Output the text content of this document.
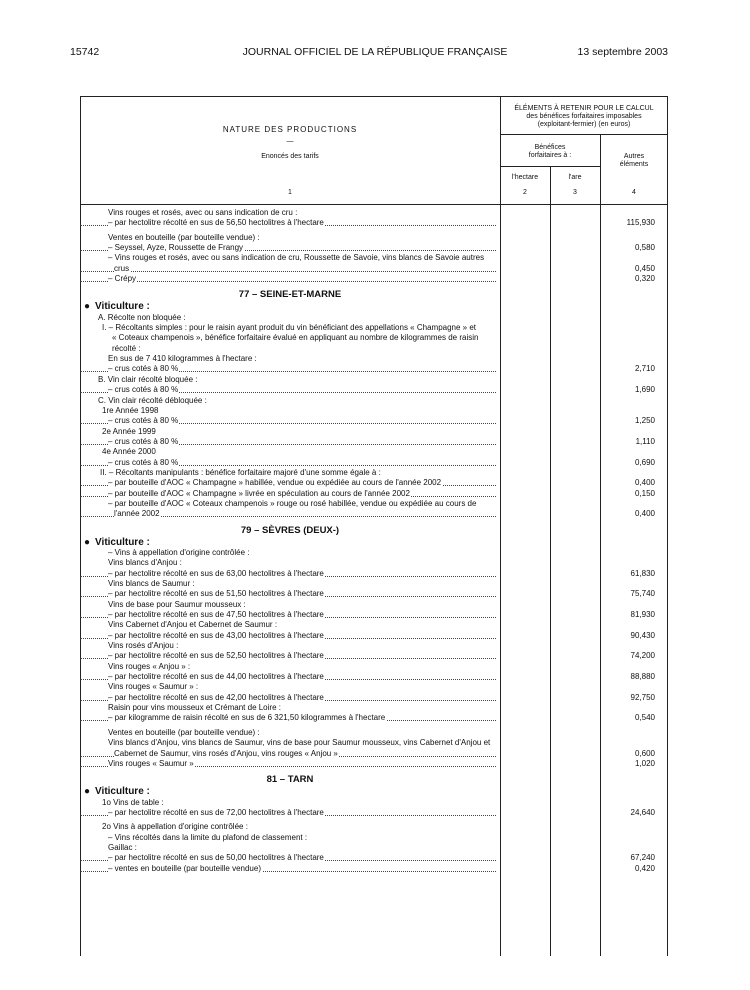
15742	JOURNAL OFFICIEL DE LA RÉPUBLIQUE FRANÇAISE	13 septembre 2003
NATURE DES PRODUCTIONS
—
Enoncés des tarifs
1
ÉLÉMENTS À RETENIR POUR LE CALCUL
des bénéfices forfaitaires imposables
(exploitant-fermier) (en euros)
Bénéfices
forfaitaires à :	Autres
éléments
l'hectare	l'are
2	3	4
Vins rouges et rosés, avec ou sans indication de cru :
– par hectolitre récolté en sus de 56,50 hectolitres à l'hectare	115,930
Ventes en bouteille (par bouteille vendue) :
– Seyssel, Ayze, Roussette de Frangy	0,580
– Vins rouges et rosés, avec ou sans indication de cru, Roussette de Savoie, vins blancs de Savoie autres
crus	0,450
– Crépy	0,320
77 – SEINE-ET-MARNE
● Viticulture :
A. Récolte non bloquée :
I. – Récoltants simples : pour le raisin ayant produit du vin bénéficiant des appellations « Champagne » et
« Coteaux champenois », bénéfice forfaitaire évalué en appliquant au nombre de kilogrammes de raisin
récolté :
En sus de 7 410 kilogrammes à l'hectare :
– crus cotés à 80 %	2,710
B. Vin clair récolté bloquée :
– crus cotés à 80 %	1,690
C. Vin clair récolté débloquée :
1re Année 1998
– crus cotés à 80 %	1,250
2e Année 1999
– crus cotés à 80 %	1,110
4e Année 2000
– crus cotés à 80 %	0,690
II. – Récoltants manipulants : bénéfice forfaitaire majoré d'une somme égale à :
– par bouteille d'AOC « Champagne » habillée, vendue ou expédiée au cours de l'année 2002	0,400
– par bouteille d'AOC « Champagne » livrée en spéculation au cours de l'année 2002	0,150
– par bouteille d'AOC « Coteaux champenois » rouge ou rosé habillée, vendue ou expédiée au cours de
l'année 2002	0,400
79 – SÈVRES (DEUX-)
● Viticulture :
– Vins à appellation d'origine contrôlée :
Vins blancs d'Anjou :
– par hectolitre récolté en sus de 63,00 hectolitres à l'hectare	61,830
Vins blancs de Saumur :
– par hectolitre récolté en sus de 51,50 hectolitres à l'hectare	75,740
Vins de base pour Saumur mousseux :
– par hectolitre récolté en sus de 47,50 hectolitres à l'hectare	81,930
Vins Cabernet d'Anjou et Cabernet de Saumur :
– par hectolitre récolté en sus de 43,00 hectolitres à l'hectare	90,430
Vins rosés d'Anjou :
– par hectolitre récolté en sus de 52,50 hectolitres à l'hectare	74,200
Vins rouges « Anjou » :
– par hectolitre récolté en sus de 44,00 hectolitres à l'hectare	88,880
Vins rouges « Saumur » :
– par hectolitre récolté en sus de 42,00 hectolitres à l'hectare	92,750
Raisin pour vins mousseux et Crémant de Loire :
– par kilogramme de raisin récolté en sus de 6 321,50 kilogrammes à l'hectare	0,540
Ventes en bouteille (par bouteille vendue) :
Vins blancs d'Anjou, vins blancs de Saumur, vins de base pour Saumur mousseux, vins Cabernet d'Anjou et
Cabernet de Saumur, vins rosés d'Anjou, vins rouges « Anjou »	0,600
Vins rouges « Saumur »	1,020
81 – TARN
● Viticulture :
1o Vins de table :
– par hectolitre récolté en sus de 72,00 hectolitres à l'hectare	24,640
2o Vins à appellation d'origine contrôlée :
– Vins récoltés dans la limite du plafond de classement :
Gaillac :
– par hectolitre récolté en sus de 50,00 hectolitres à l'hectare	67,240
– ventes en bouteille (par bouteille vendue)	0,420
